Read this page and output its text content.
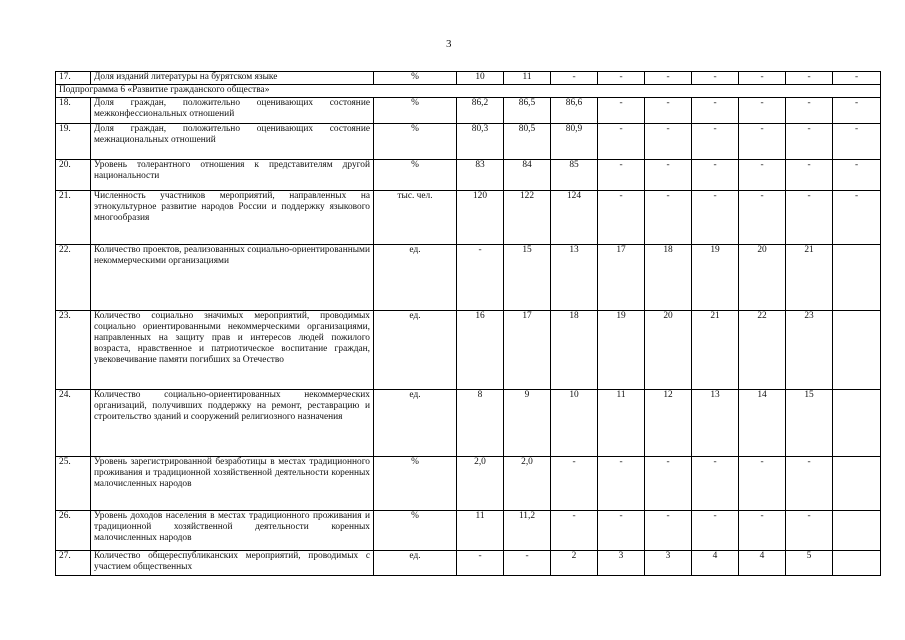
3
17.	Доля изданий литературы на бурятском языке	%	10	11	-	-	-	-	-	-	-
Подпрограмма 6 «Развитие гражданского общества»											
18.	Доля граждан, положительно оценивающих состояние межконфессиональных отношений	%	86,2	86,5	86,6	-	-	-	-	-	-
19.	Доля граждан, положительно оценивающих состояние межнациональных отношений	%	80,3	80,5	80,9	-	-	-	-	-	-
20.	Уровень толерантного отношения к представителям другой национальности	%	83	84	85	-	-	-	-	-	-
21.	Численность участников мероприятий, направленных на этнокультурное развитие народов России и поддержку языкового многообразия	тыс. чел.	120	122	124	-	-	-	-	-	-
22.	Количество проектов, реализованных социально-ориентированными некоммерческими организациями	ед.	-	15	13	17	18	19	20	21	
23.	Количество социально значимых мероприятий, проводимых социально ориентированными некоммерческими организациями, направленных на защиту прав и интересов людей пожилого возраста, нравственное и патриотическое воспитание граждан, увековечивание памяти погибших за Отечество	ед.	16	17	18	19	20	21	22	23	
24.	Количество социально-ориентированных некоммерческих организаций, получивших поддержку на ремонт, реставрацию и строительство зданий и сооружений религиозного назначения	ед.	8	9	10	11	12	13	14	15	
25.	Уровень зарегистрированной безработицы в местах традиционного проживания и традиционной хозяйственной деятельности коренных малочисленных народов	%	2,0	2,0	-	-	-	-	-	-	
26.	Уровень доходов населения в местах традиционного проживания и традиционной хозяйственной деятельности коренных малочисленных народов	%	11	11,2	-	-	-	-	-	-	
27.	Количество общереспубликанских мероприятий, проводимых с участием общественных	ед.	-	-	2	3	3	4	4	5	
